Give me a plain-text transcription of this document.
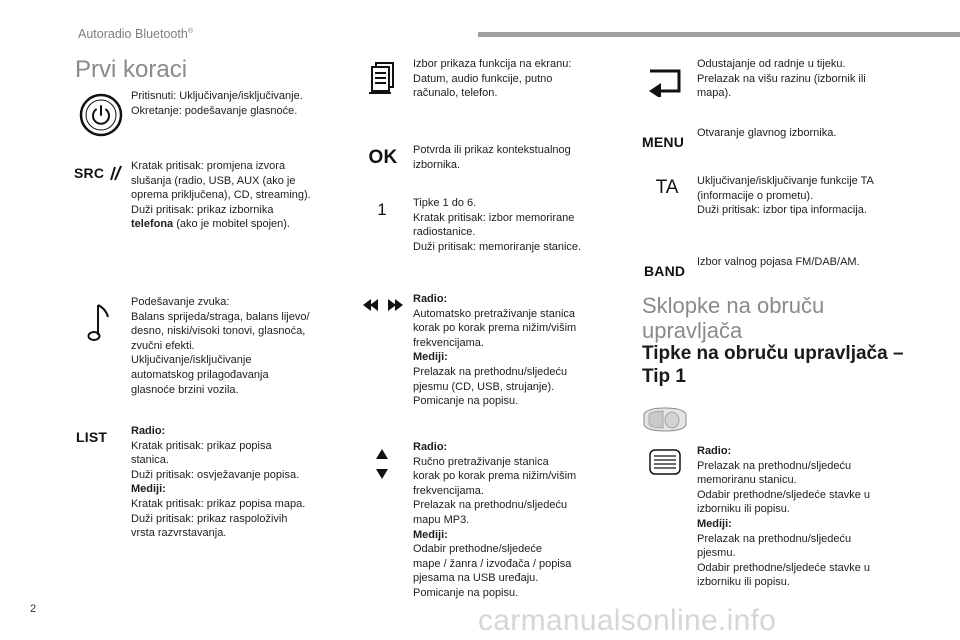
Autoradio Bluetooth®
Prvi koraci
Pritisnuti: Uključivanje/isključivanje.
Okretanje: podešavanje glasnoće.
SRC Kratak pritisak: promjena izvora
slušanja (radio, USB, AUX (ako je
oprema priključena), CD, streaming).
Duži pritisak: prikaz izbornika
telefona (ako je mobitel spojen).
Podešavanje zvuka:
Balans sprijeda/straga, balans lijevo/
desno, niski/visoki tonovi, glasnoća,
zvučni efekti.
Uključivanje/isključivanje
automatskog prilagođavanja
glasnoće brzini vozila.
LIST Radio:
Kratak pritisak: prikaz popisa
stanica.
Duži pritisak: osvježavanje popisa.
Mediji:
Kratak pritisak: prikaz popisa mapa.
Duži pritisak: prikaz raspoloživih
vrsta razvrstavanja.
Izbor prikaza funkcija na ekranu:
Datum, audio funkcije, putno
računalo, telefon.
OK Potvrda ili prikaz kontekstualnog
izbornika.
1 Tipke 1 do 6.
Kratak pritisak: izbor memorirane
radiostanice.
Duži pritisak: memoriranje stanice.
Radio:
Automatsko pretraživanje stanica
korak po korak prema nižim/višim
frekvencijama.
Mediji:
Prelazak na prethodnu/sljedeću
pjesmu (CD, USB, strujanje).
Pomicanje na popisu.
Radio:
Ručno pretraživanje stanica
korak po korak prema nižim/višim
frekvencijama.
Prelazak na prethodnu/sljedeću
mapu MP3.
Mediji:
Odabir prethodne/sljedeće
mape / žanra / izvođača / popisa
pjesama na USB uređaju.
Pomicanje na popisu.
Odustajanje od radnje u tijeku.
Prelazak na višu razinu (izbornik ili
mapa).
MENU
Otvaranje glavnog izbornika.
TA Uključivanje/isključivanje funkcije TA
(informacije o prometu).
Duži pritisak: izbor tipa informacija.
BAND
Izbor valnog pojasa FM/DAB/AM.
Sklopke na obruču
upravljača
Tipke na obruču upravljača –
Tip 1
Radio:
Prelazak na prethodnu/sljedeću
memoriranu stanicu.
Odabir prethodne/sljedeće stavke u
izborniku ili popisu.
Mediji:
Prelazak na prethodnu/sljedeću
pjesmu.
Odabir prethodne/sljedeće stavke u
izborniku ili popisu.
2	carmanualsonline.info
